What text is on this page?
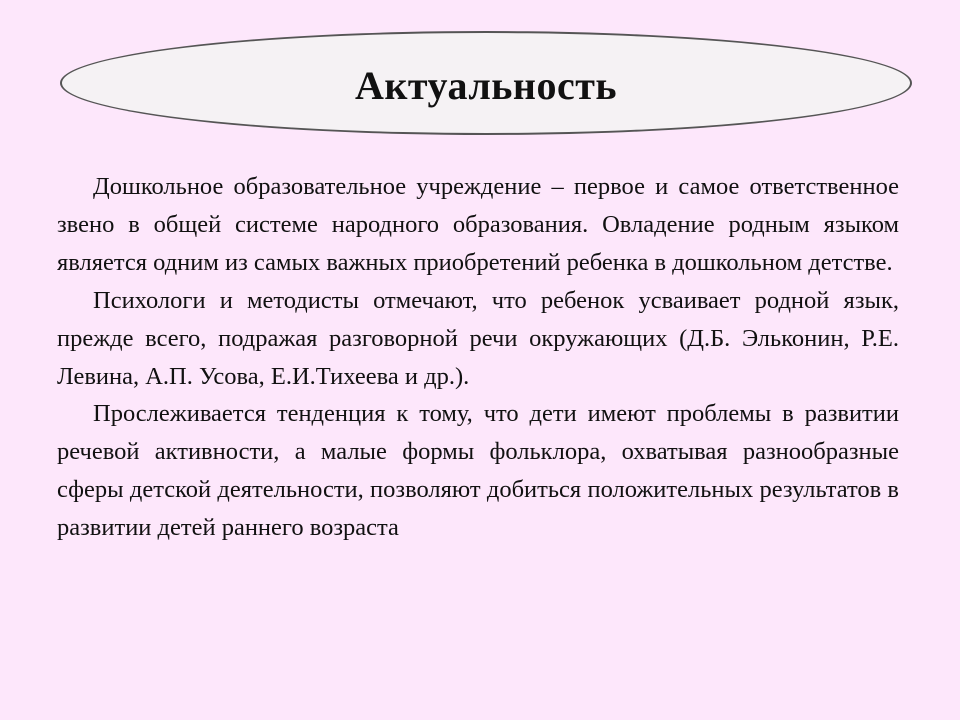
Актуальность

Дошкольное образовательное учреждение – первое и самое ответственное звено в общей системе народного образования. Овладение родным языком является одним из самых важных приобретений ребенка в дошкольном детстве.

Психологи и методисты отмечают, что ребенок усваивает родной язык, прежде всего, подражая разговорной речи окружающих (Д.Б. Эльконин, Р.Е. Левина, А.П. Усова, Е.И.Тихеева и др.).

Прослеживается тенденция к тому, что дети имеют проблемы в развитии речевой активности, а малые формы фольклора, охватывая разнообразные сферы детской деятельности, позволяют добиться положительных результатов в развитии детей раннего возраста
